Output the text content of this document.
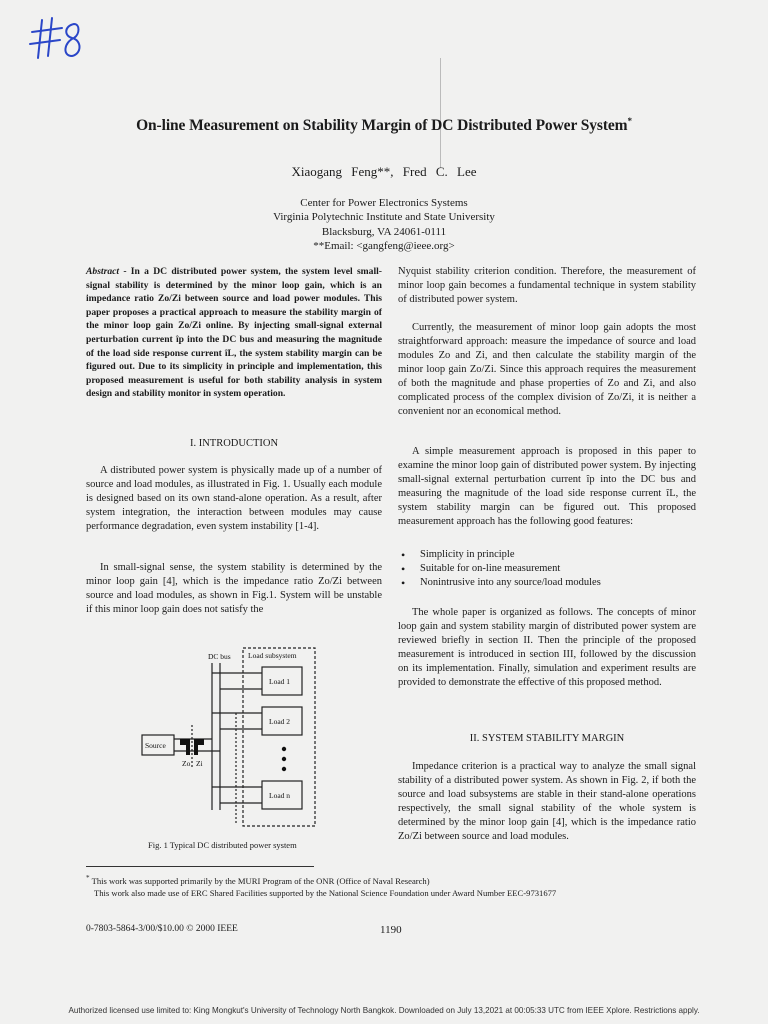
On-line Measurement on Stability Margin of DC Distributed Power System*
Xiaogang Feng**, Fred C. Lee
Center for Power Electronics Systems
Virginia Polytechnic Institute and State University
Blacksburg, VA 24061-0111
**Email: <gangfeng@ieee.org>

Abstract - In a DC distributed power system, the system level small-signal stability is determined by the minor loop gain, which is an impedance ratio Zo/Zi between source and load power modules. This paper proposes a practical approach to measure the stability margin of the minor loop gain Zo/Zi online. By injecting small-signal external perturbation current îp into the DC bus and measuring the magnitude of the load side response current îL, the system stability margin can be figured out. Due to its simplicity in principle and implementation, this proposed measurement is useful for both stability analysis in system design and stability monitor in system operation.

I. INTRODUCTION

A distributed power system is physically made up of a number of source and load modules, as illustrated in Fig. 1. Usually each module is designed based on its own stand-alone operation. As a result, after system integration, the interaction between modules may cause performance degradation, even system instability [1-4].

In small-signal sense, the system stability is determined by the minor loop gain [4], which is the impedance ratio Zo/Zi between source and load modules, as shown in Fig.1. System will be unstable if this minor loop gain does not satisfy the

DC bus Load subsystem
Load 1
Load 2
Load n
Source
Zo Zi
Fig. 1 Typical DC distributed power system

Nyquist stability criterion condition. Therefore, the measurement of minor loop gain becomes a fundamental technique in system stability of distributed power system.

Currently, the measurement of minor loop gain adopts the most straightforward approach: measure the impedance of source and load modules Zo and Zi, and then calculate the stability margin of the minor loop gain Zo/Zi. Since this approach requires the measurement of both the magnitude and phase properties of Zo and Zi, and also complicated process of the complex division of Zo/Zi, it is neither a convenient nor an economical method.

A simple measurement approach is proposed in this paper to examine the minor loop gain of distributed power system. By injecting small-signal external perturbation current îp into the DC bus and measuring the magnitude of the load side response current îL, the system stability margin can be figured out. This proposed measurement approach has the following good features:

• Simplicity in principle
• Suitable for on-line measurement
• Nonintrusive into any source/load modules

The whole paper is organized as follows. The concepts of minor loop gain and system stability margin of distributed power system are reviewed briefly in section II. Then the principle of the proposed measurement is introduced in section III, followed by the discussion on its implementation. Finally, simulation and experiment results are provided to demonstrate the effective of this proposed method.

II. SYSTEM STABILITY MARGIN

Impedance criterion is a practical way to analyze the small signal stability of a distributed power system. As shown in Fig. 2, if both the source and load subsystems are stable in their stand-alone operations respectively, the small signal stability of the whole system is determined by the minor loop gain [4], which is the impedance ratio Zo/Zi between source and load modules.

* This work was supported primarily by the MURI Program of the ONR (Office of Naval Research)
This work also made use of ERC Shared Facilities supported by the National Science Foundation under Award Number EEC-9731677
0-7803-5864-3/00/$10.00 © 2000 IEEE	1190
Authorized licensed use limited to: King Mongkut's University of Technology North Bangkok. Downloaded on July 13,2021 at 00:05:33 UTC from IEEE Xplore. Restrictions apply.
